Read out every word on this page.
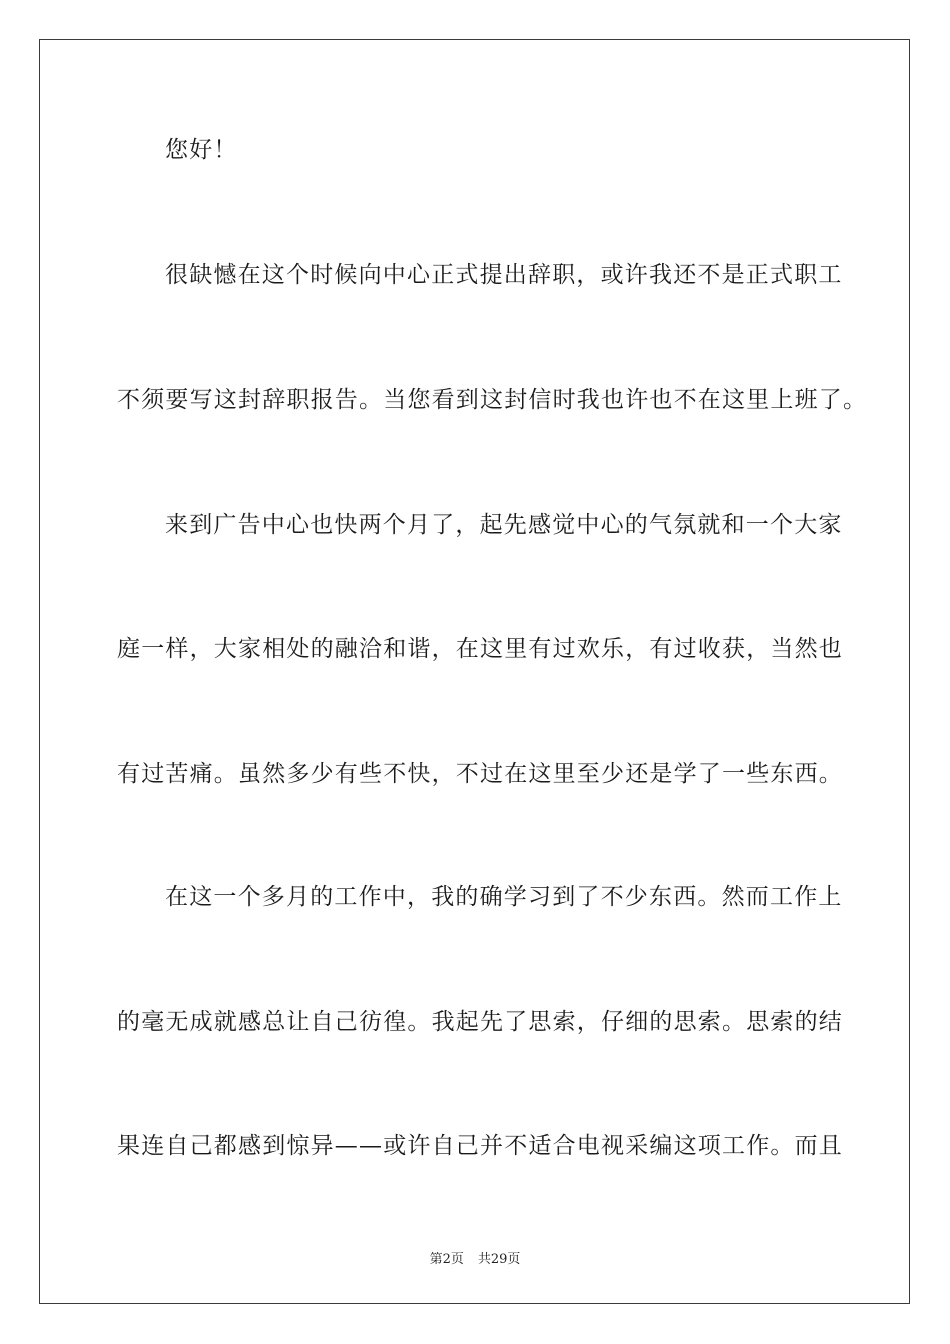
您好！
很缺憾在这个时候向中心正式提出辞职，或许我还不是正式职工
不须要写这封辞职报告。当您看到这封信时我也许也不在这里上班了。
来到广告中心也快两个月了，起先感觉中心的气氛就和一个大家
庭一样，大家相处的融洽和谐，在这里有过欢乐，有过收获，当然也
有过苦痛。虽然多少有些不快，不过在这里至少还是学了一些东西。
在这一个多月的工作中，我的确学习到了不少东西。然而工作上
的毫无成就感总让自己彷徨。我起先了思索，仔细的思索。思索的结
果连自己都感到惊异——或许自己并不适合电视采编这项工作。而且
第2页 共29页
